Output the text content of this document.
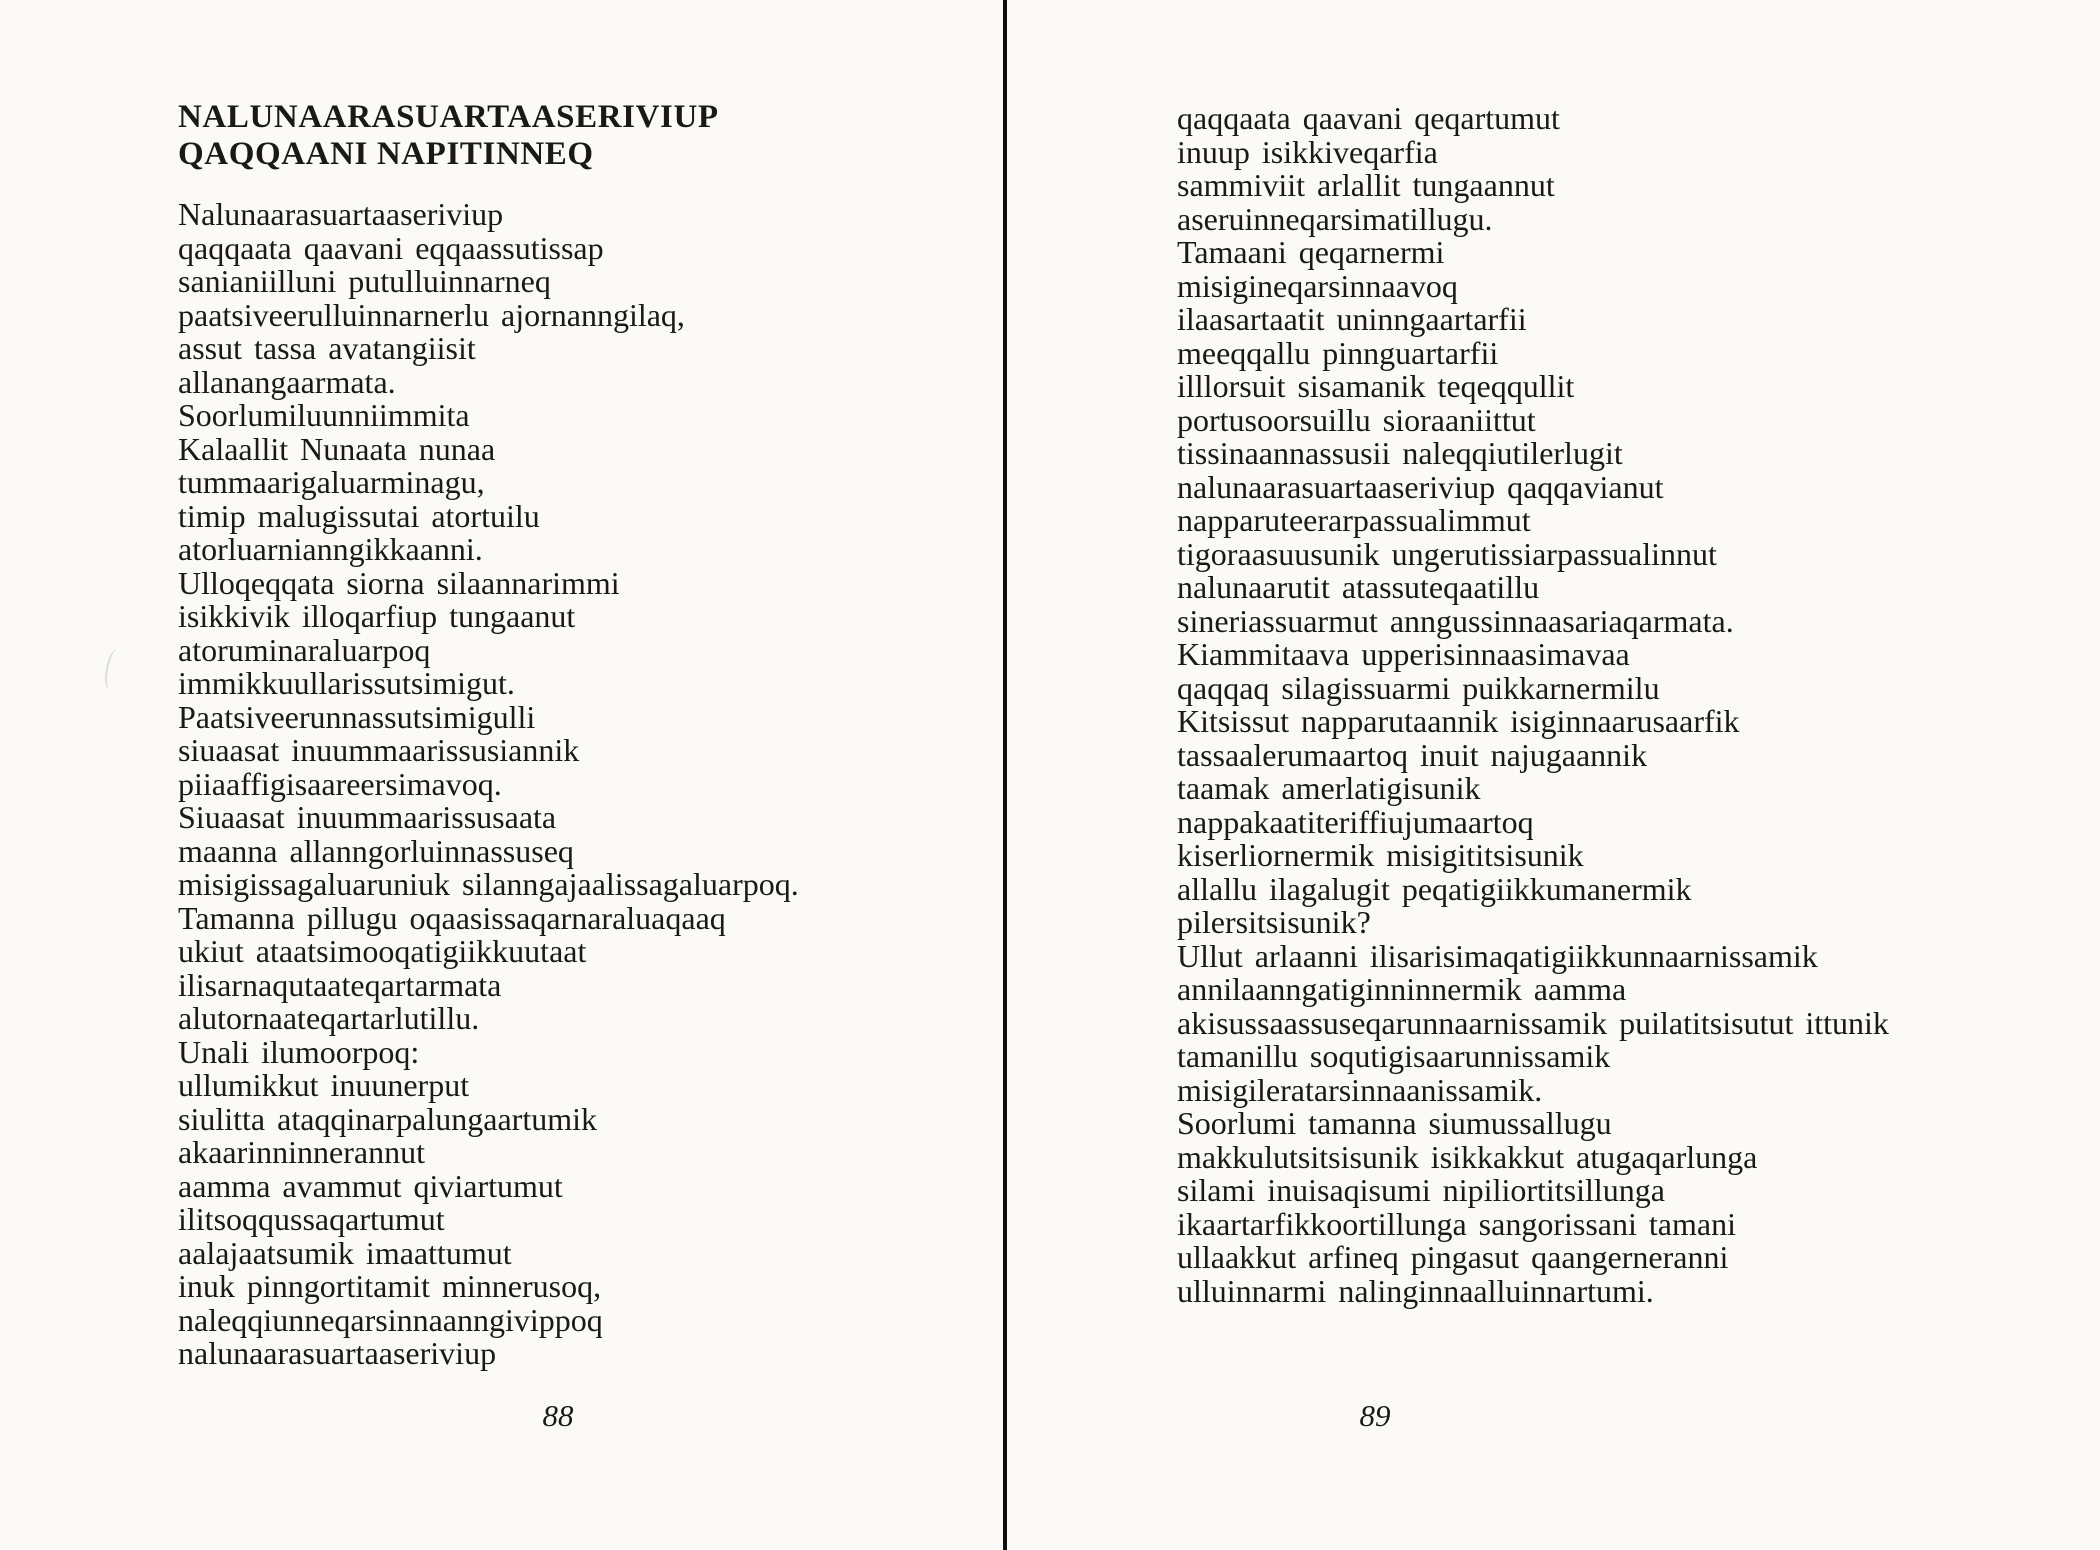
NALUNAARASUARTAASERIVIUP
QAQQAANI NAPITINNEQ
Nalunaarasuartaaseriviup
qaqqaata qaavani eqqaassutissap
sanianiilluni putulluinnarneq
paatsiveerulluinnarnerlu ajornanngilaq,
assut tassa avatangiisit
allanangaarmata.
Soorlumiluunniimmita
Kalaallit Nunaata nunaa
tummaarigaluarminagu,
timip malugissutai atortuilu
atorluarnianngikkaanni.
Ulloqeqqata siorna silaannarimmi
isikkivik illoqarfiup tungaanut
atoruminaraluarpoq
immikkuullarissutsimigut.
Paatsiveerunnassutsimigulli
siuaasat inuummaarissusiannik
piiaaffigisaareersimavoq.
Siuaasat inuummaarissusaata
maanna allanngorluinnassuseq
misigissagaluaruniuk silanngajaalissagaluarpoq.
Tamanna pillugu oqaasissaqarnaraluaqaaq
ukiut ataatsimooqatigiikkuutaat
ilisarnaqutaateqartarmata
alutornaateqartarlutillu.
Unali ilumoorpoq:
ullumikkut inuunerput
siulitta ataqqinarpalungaartumik
akaarinninnerannut
aamma avammut qiviartumut
ilitsoqqussaqartumut
aalajaatsumik imaattumut
inuk pinngortitamit minnerusoq,
naleqqiunneqarsinnaanngivippoq
nalunaarasuartaaseriviup
88
qaqqaata qaavani qeqartumut
inuup isikkiveqarfia
sammiviit arlallit tungaannut
aseruinneqarsimatillugu.
Tamaani qeqarnermi
misigineqarsinnaavoq
ilaasartaatit uninngaartarfii
meeqqallu pinnguartarfii
illlorsuit sisamanik teqeqqullit
portusoorsuillu sioraaniittut
tissinaannassusii naleqqiutilerlugit
nalunaarasuartaaseriviup qaqqavianut
napparuteerarpassualimmut
tigoraasuusunik ungerutissiarpassualinnut
nalunaarutit atassuteqaatillu
sineriassuarmut anngussinnaasariaqarmata.
Kiammitaava upperisinnaasimavaa
qaqqaq silagissuarmi puikkarnermilu
Kitsissut napparutaannik isiginnaarusaarfik
tassaalerumaartoq inuit najugaannik
taamak amerlatigisunik
nappakaatiteriffiujumaartoq
kiserliornermik misigititsisunik
allallu ilagalugit peqatigiikkumanermik
pilersitsisunik?
Ullut arlaanni ilisarisimaqatigiikkunnaarnissamik
annilaanngatiginninnermik aamma
akisussaassuseqarunnaarnissamik puilatitsisutut ittunik
tamanillu soqutigisaarunnissamik
misigileratarsinnaanissamik.
Soorlumi tamanna siumussallugu
makkulutsitsisunik isikkakkut atugaqarlunga
silami inuisaqisumi nipiliortitsillunga
ikaartarfikkoortillunga sangorissani tamani
ullaakkut arfineq pingasut qaangerneranni
ulluinnarmi nalinginnaalluinnartumi.
89
